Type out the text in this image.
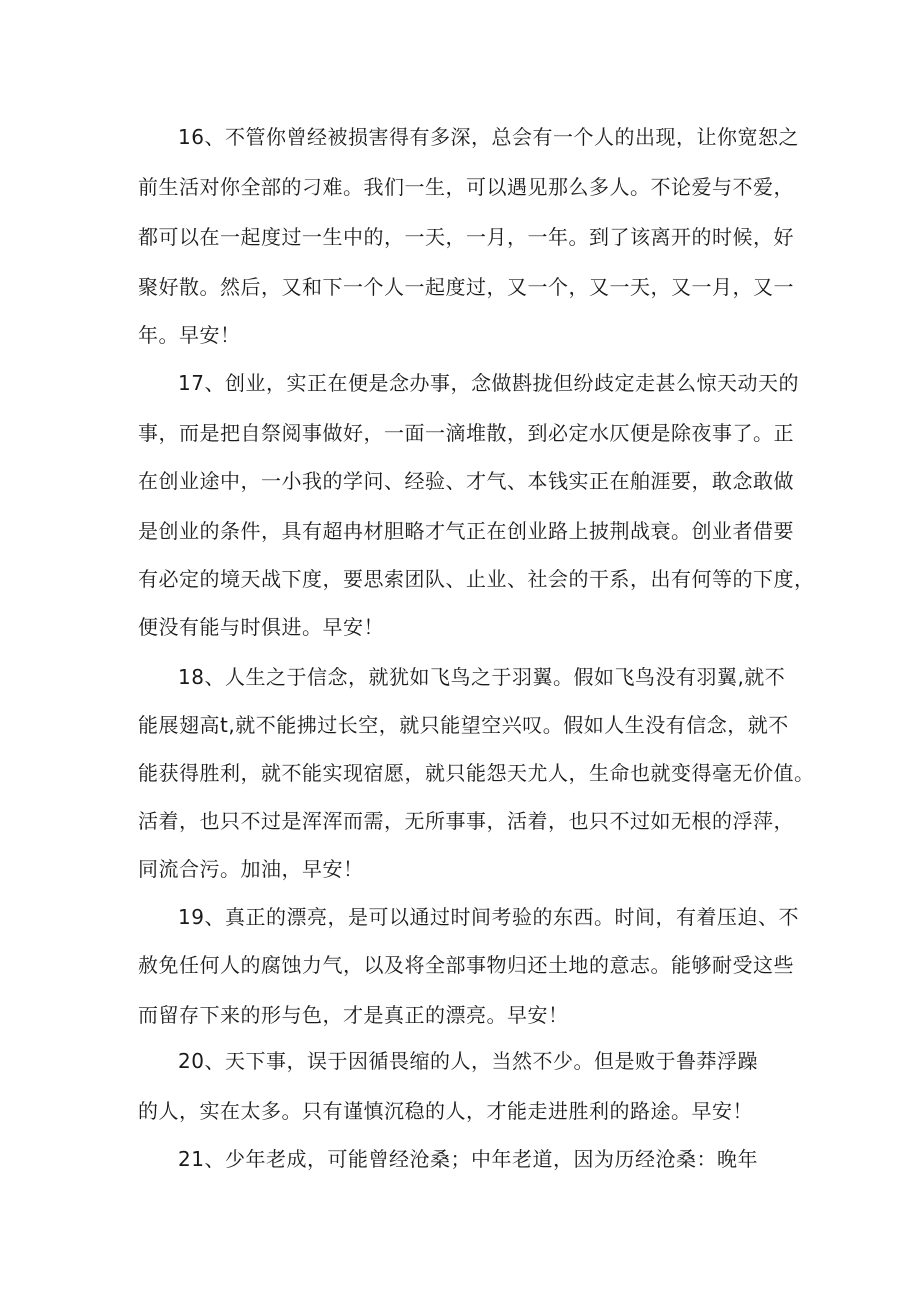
16、不管你曾经被损害得有多深，总会有一个人的出现，让你宽恕之
前生活对你全部的刁难。我们一生，可以遇见那么多人。不论爱与不爱，
都可以在一起度过一生中的，一天，一月，一年。到了该离开的时候，好
聚好散。然后，又和下一个人一起度过，又一个，又一天，又一月，又一
年。早安！
17、创业，实正在便是念办事，念做斟拢但纷歧定走甚么惊天动天的
事，而是把自祭阅事做好，一面一滴堆散，到必定水仄便是除夜事了。正
在创业途中，一小我的学问、经验、才气、本钱实正在舶涯要，敢念敢做
是创业的条件，具有超冉材胆略才气正在创业路上披荆战衰。创业者借要
有必定的境天战下度，要思索团队、止业、社会的干系，出有何等的下度，
便没有能与时俱进。早安！
18、人生之于信念，就犹如飞鸟之于羽翼。假如飞鸟没有羽翼,就不
能展翅高t,就不能拂过长空，就只能望空兴叹。假如人生没有信念，就不
能获得胜利，就不能实现宿愿，就只能怨天尤人，生命也就变得毫无价值。
活着，也只不过是浑浑而需，无所事事，活着，也只不过如无根的浮萍，
同流合污。加油，早安！
19、真正的漂亮，是可以通过时间考验的东西。时间，有着压迫、不
赦免任何人的腐蚀力气，以及将全部事物归还土地的意志。能够耐受这些
而留存下来的形与色，才是真正的漂亮。早安！
20、天下事，误于因循畏缩的人，当然不少。但是败于鲁莽浮躁
的人，实在太多。只有谨慎沉稳的人，才能走进胜利的路途。早安！
21、少年老成，可能曾经沧桑；中年老道，因为历经沧桑：晚年
